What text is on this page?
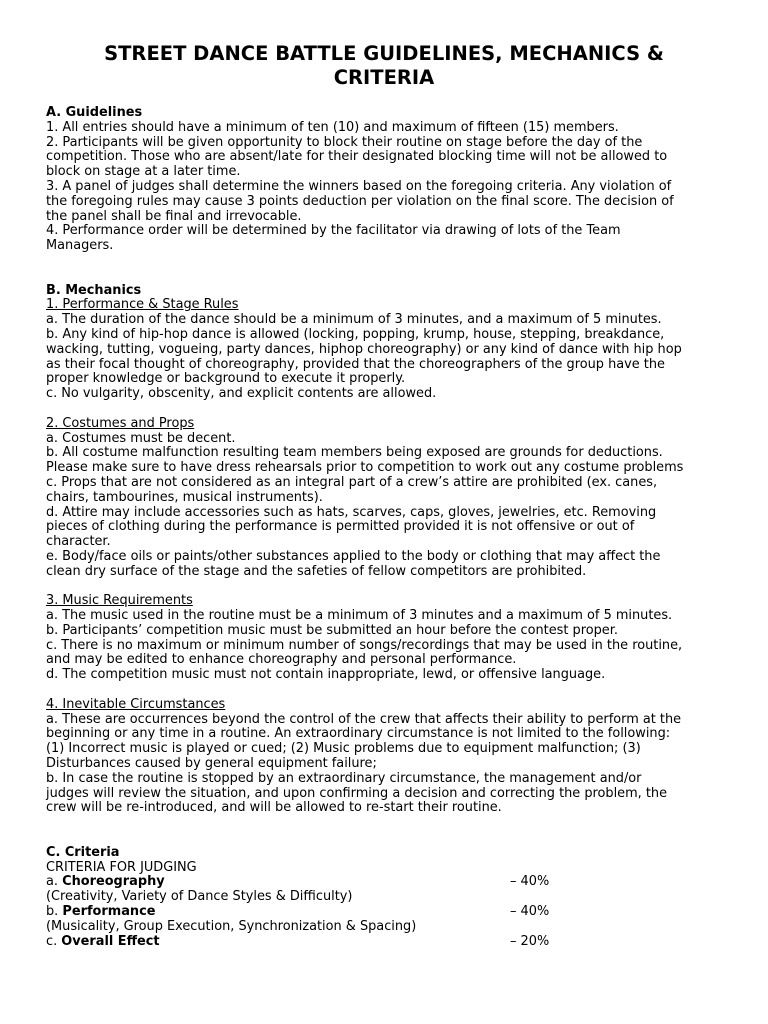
STREET DANCE BATTLE GUIDELINES, MECHANICS &
CRITERIA
A. Guidelines
1. All entries should have a minimum of ten (10) and maximum of fifteen (15) members.
2. Participants will be given opportunity to block their routine on stage before the day of the
competition. Those who are absent/late for their designated blocking time will not be allowed to
block on stage at a later time.
3. A panel of judges shall determine the winners based on the foregoing criteria. Any violation of
the foregoing rules may cause 3 points deduction per violation on the final score. The decision of
the panel shall be final and irrevocable.
4. Performance order will be determined by the facilitator via drawing of lots of the Team
Managers.
B. Mechanics
1. Performance & Stage Rules
a. The duration of the dance should be a minimum of 3 minutes, and a maximum of 5 minutes.
b. Any kind of hip-hop dance is allowed (locking, popping, krump, house, stepping, breakdance,
wacking, tutting, vogueing, party dances, hiphop choreography) or any kind of dance with hip hop
as their focal thought of choreography, provided that the choreographers of the group have the
proper knowledge or background to execute it properly.
c. No vulgarity, obscenity, and explicit contents are allowed.
2. Costumes and Props
a. Costumes must be decent.
b. All costume malfunction resulting team members being exposed are grounds for deductions.
Please make sure to have dress rehearsals prior to competition to work out any costume problems
c. Props that are not considered as an integral part of a crew’s attire are prohibited (ex. canes,
chairs, tambourines, musical instruments).
d. Attire may include accessories such as hats, scarves, caps, gloves, jewelries, etc. Removing
pieces of clothing during the performance is permitted provided it is not offensive or out of
character.
e. Body/face oils or paints/other substances applied to the body or clothing that may affect the
clean dry surface of the stage and the safeties of fellow competitors are prohibited.
3. Music Requirements
a. The music used in the routine must be a minimum of 3 minutes and a maximum of 5 minutes.
b. Participants’ competition music must be submitted an hour before the contest proper.
c. There is no maximum or minimum number of songs/recordings that may be used in the routine,
and may be edited to enhance choreography and personal performance.
d. The competition music must not contain inappropriate, lewd, or offensive language.
4. Inevitable Circumstances
a. These are occurrences beyond the control of the crew that affects their ability to perform at the
beginning or any time in a routine. An extraordinary circumstance is not limited to the following:
(1) Incorrect music is played or cued; (2) Music problems due to equipment malfunction; (3)
Disturbances caused by general equipment failure;
b. In case the routine is stopped by an extraordinary circumstance, the management and/or
judges will review the situation, and upon confirming a decision and correcting the problem, the
crew will be re-introduced, and will be allowed to re-start their routine.
C. Criteria
CRITERIA FOR JUDGING
a. Choreography	– 40%
(Creativity, Variety of Dance Styles & Difficulty)
b. Performance	– 40%
(Musicality, Group Execution, Synchronization & Spacing)
c. Overall Effect	– 20%
